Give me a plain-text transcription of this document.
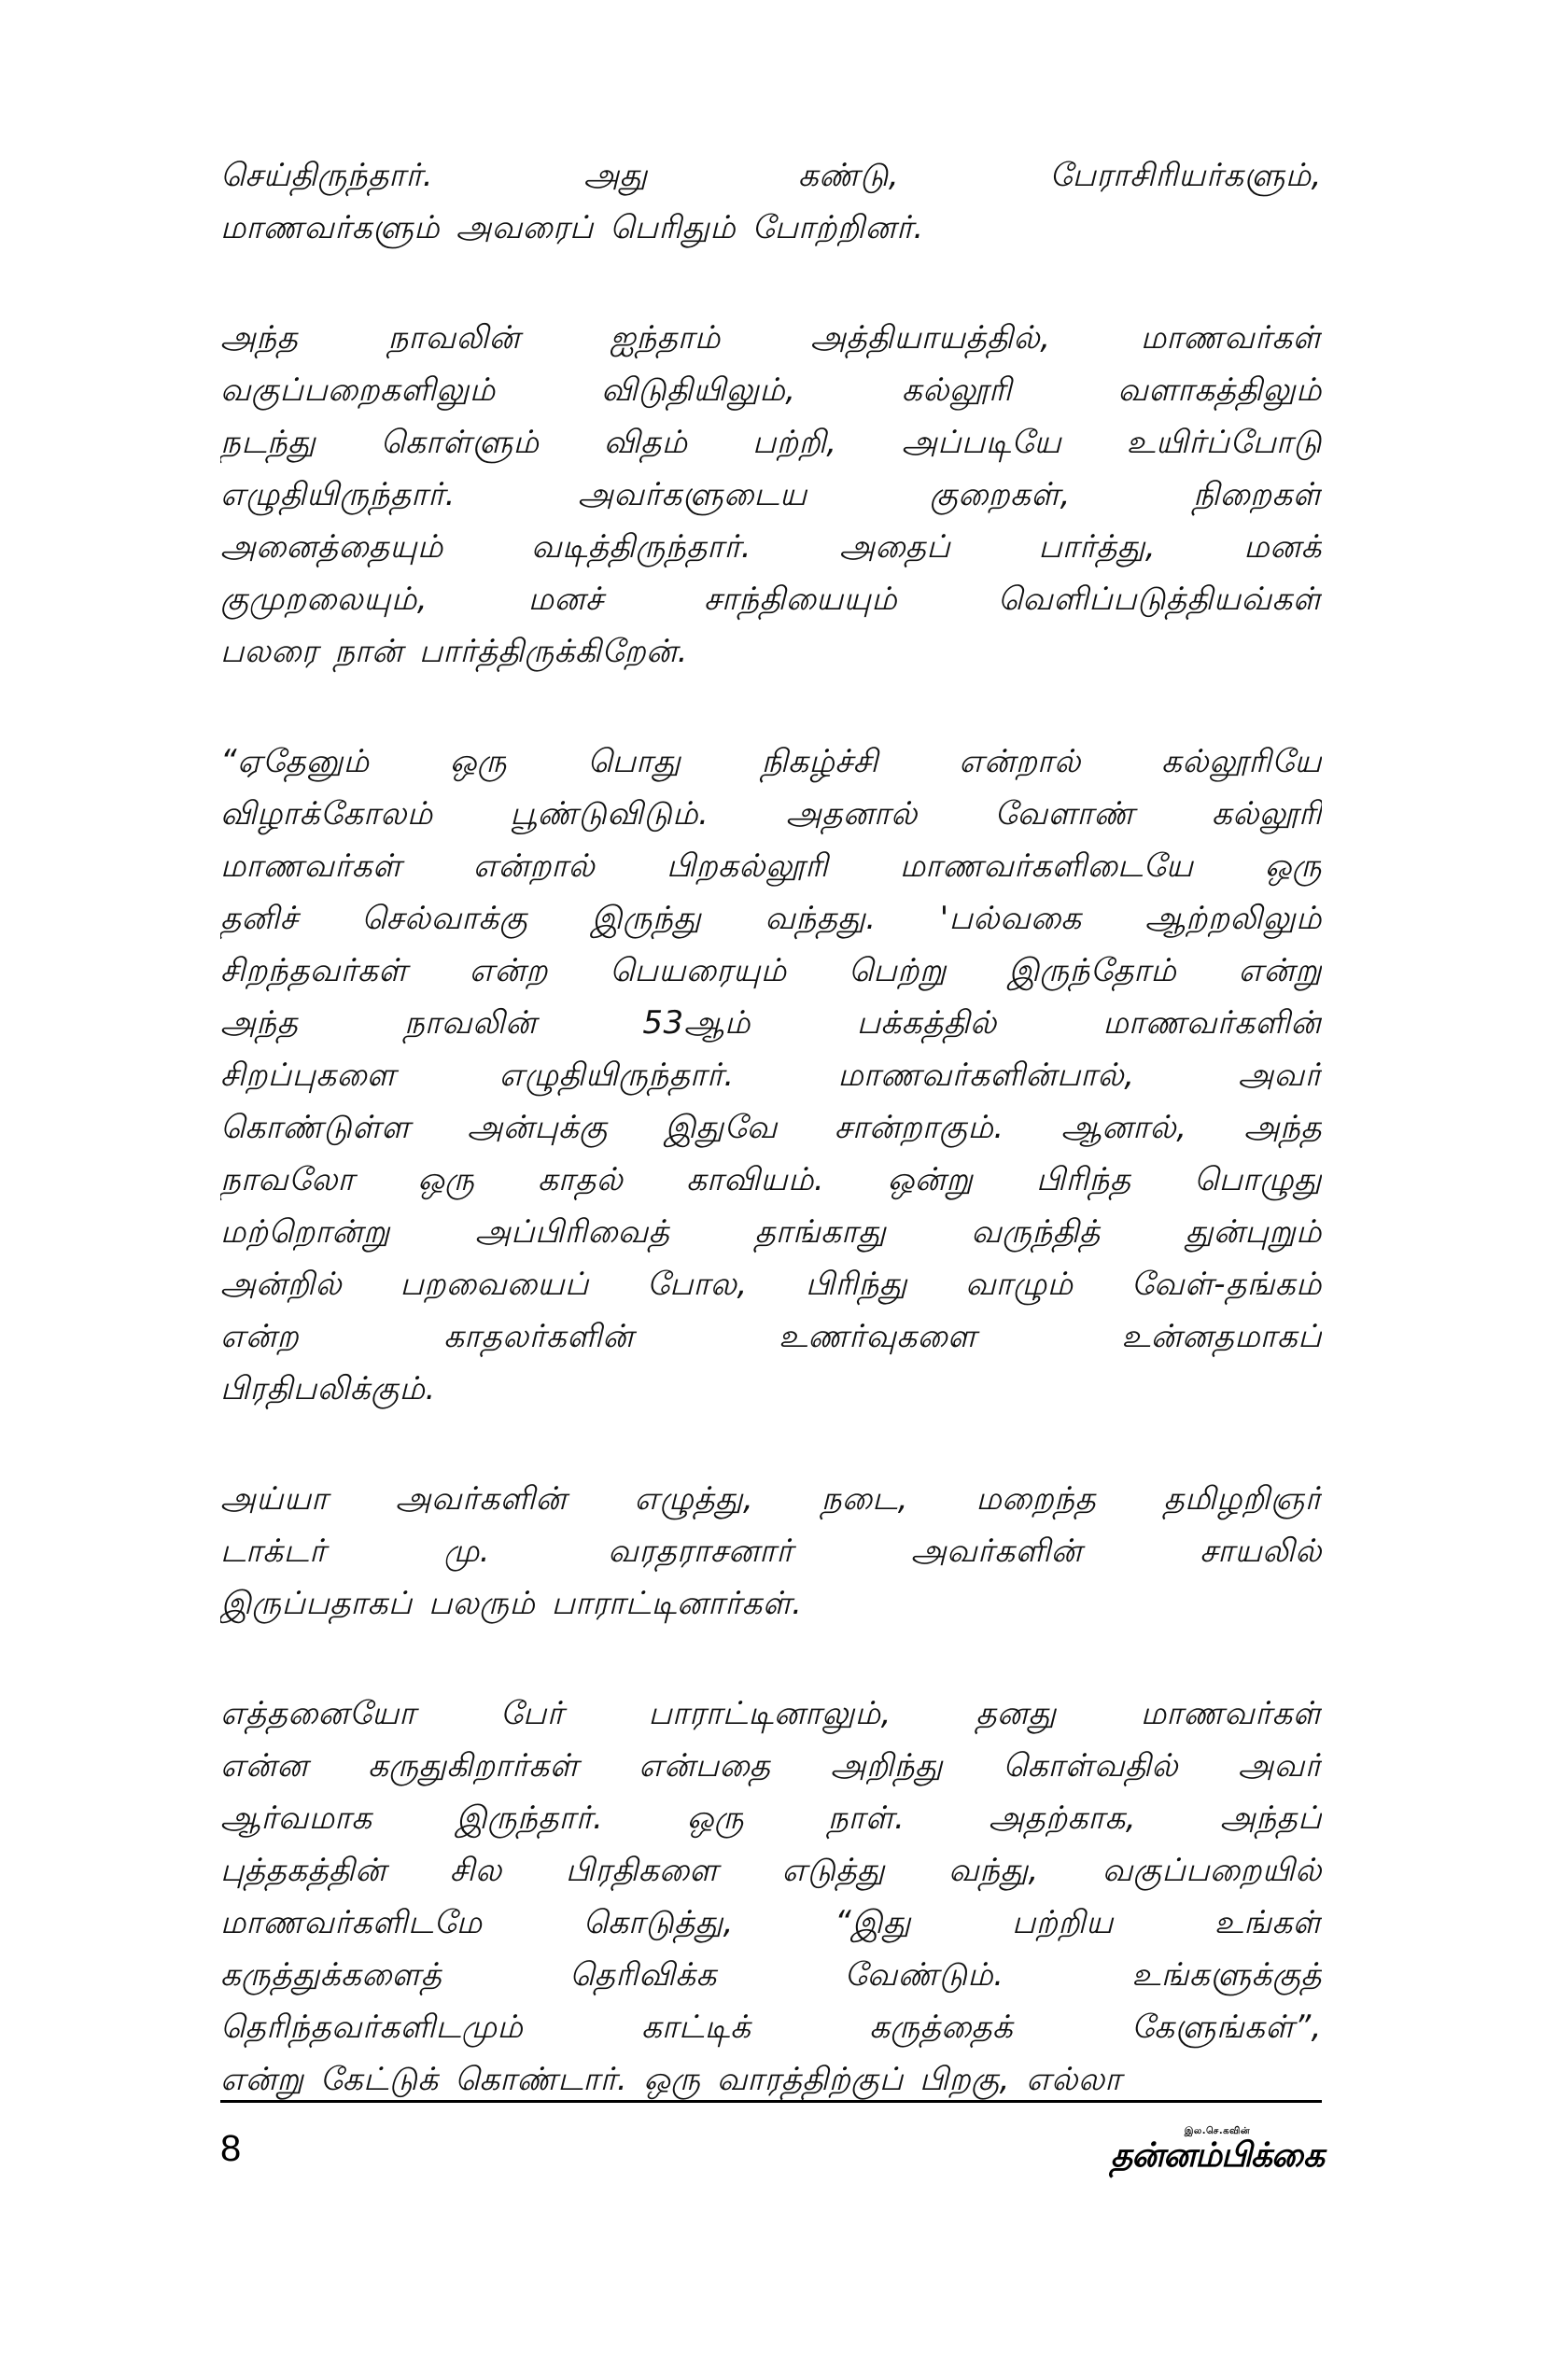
செய்திருந்தார். அது கண்டு, பேராசிரியர்களும்,
மாணவர்களும் அவரைப் பெரிதும் போற்றினர்.

அந்த நாவலின் ஐந்தாம் அத்தியாயத்தில், மாணவர்கள்
வகுப்பறைகளிலும் விடுதியிலும், கல்லூரி வளாகத்திலும்
நடந்து கொள்ளும் விதம் பற்றி, அப்படியே உயிர்ப்போடு
எழுதியிருந்தார். அவர்களுடைய குறைகள், நிறைகள்
அனைத்தையும் வடித்திருந்தார். அதைப் பார்த்து, மனக்
குமுறலையும், மனச் சாந்தியையும் வெளிப்படுத்தியவ்கள்
பலரை நான் பார்த்திருக்கிறேன்.

“ஏதேனும் ஒரு பொது நிகழ்ச்சி என்றால் கல்லூரியே
விழாக்கோலம் பூண்டுவிடும். அதனால் வேளாண் கல்லூரி
மாணவர்கள் என்றால் பிறகல்லூரி மாணவர்களிடையே ஒரு
தனிச் செல்வாக்கு இருந்து வந்தது. 'பல்வகை ஆற்றலிலும்
சிறந்தவர்கள் என்ற பெயரையும் பெற்று இருந்தோம் என்று
அந்த நாவலின் 53ஆம் பக்கத்தில் மாணவர்களின்
சிறப்புகளை எழுதியிருந்தார். மாணவர்களின்பால், அவர்
கொண்டுள்ள அன்புக்கு இதுவே சான்றாகும். ஆனால், அந்த
நாவலோ ஒரு காதல் காவியம். ஒன்று பிரிந்த பொழுது
மற்றொன்று அப்பிரிவைத் தாங்காது வருந்தித் துன்புறும்
அன்றில் பறவையைப் போல, பிரிந்து வாழும் வேள்-தங்கம்
என்ற காதலர்களின் உணர்வுகளை உன்னதமாகப்
பிரதிபலிக்கும்.

அய்யா அவர்களின் எழுத்து, நடை, மறைந்த தமிழறிஞர்
டாக்டர் மு. வரதராசனார் அவர்களின் சாயலில்
இருப்பதாகப் பலரும் பாராட்டினார்கள்.

எத்தனையோ பேர் பாராட்டினாலும், தனது மாணவர்கள்
என்ன கருதுகிறார்கள் என்பதை அறிந்து கொள்வதில் அவர்
ஆர்வமாக இருந்தார். ஒரு நாள். அதற்காக, அந்தப்
புத்தகத்தின் சில பிரதிகளை எடுத்து வந்து, வகுப்பறையில்
மாணவர்களிடமே கொடுத்து, “இது பற்றிய உங்கள்
கருத்துக்களைத் தெரிவிக்க வேண்டும். உங்களுக்குத்
தெரிந்தவர்களிடமும் காட்டிக் கருத்தைக் கேளுங்கள்”,
என்று கேட்டுக் கொண்டார். ஒரு வாரத்திற்குப் பிறகு, எல்லா

8	இல.செ.கவின்
தன்னம்பிக்கை
